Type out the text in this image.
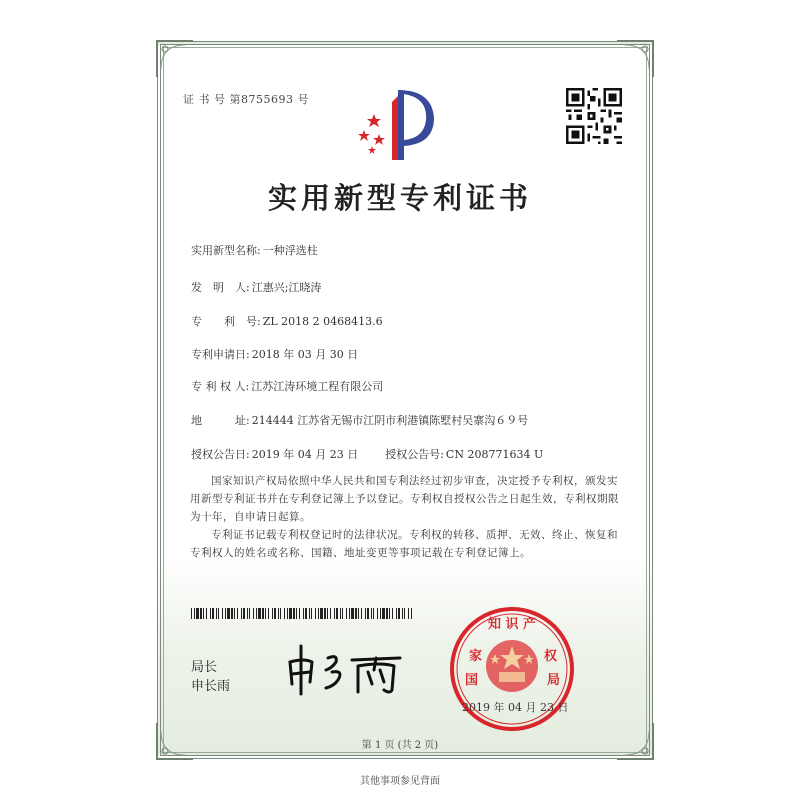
证 书 号 第8755693 号
实用新型专利证书
实用新型名称: 一种浮选柱
发　明　人: 江惠兴;江晓涛
专　　利　号: ZL 2018 2 0468413.6
专利申请日: 2018 年 03 月 30 日
专 利 权 人: 江苏江涛环境工程有限公司
地　　　址: 214444 江苏省无锡市江阴市利港镇陈墅村吴寨沟６９号
授权公告日: 2019 年 04 月 23 日 授权公告号: CN 208771634 U
国家知识产权局依照中华人民共和国专利法经过初步审查，决定授予专利权，颁发实用新型专利证书并在专利登记簿上予以登记。专利权自授权公告之日起生效，专利权期限为十年，自申请日起算。
专利证书记载专利权登记时的法律状况。专利权的转移、质押、无效、终止、恢复和专利权人的姓名或名称、国籍、地址变更等事项记载在专利登记簿上。
局长
申长雨
知 识 产
家
国
权
局
2019 年 04 月 23 日
第 1 页 (共 2 页)
其他事项参见背面
